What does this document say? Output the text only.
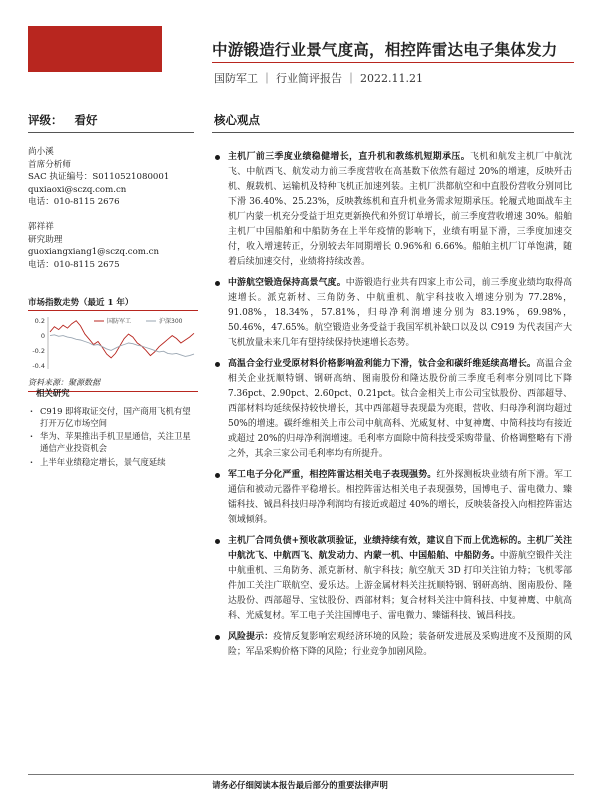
中游锻造行业景气度高，相控阵雷达电子集体发力
国防军工 ｜ 行业简评报告 ｜ 2022.11.21
评级： 看好	核心观点
尚小溪
首席分析师
SAC 执证编号：S0110521080001
quxiaoxi@sczq.com.cn
电话：010-8115 2676
郭祥祥
研究助理
guoxiangxiang1@sczq.com.cn
电话：010-8115 2675
市场指数走势（最近 1 年）
0.2
0
-0.2
-0.4
国防军工	沪深300
资料来源：聚源数据
相关研究
· C919 即将取证交付，国产商用飞机有望打开万亿市场空间
· 华为、苹果推出手机卫星通信，关注卫星通信产业投资机会
· 上半年业绩稳定增长，景气度延续
主机厂前三季度业绩稳健增长，直升机和教练机短期承压。飞机和航发主机厂中航沈飞、中航西飞、航发动力前三季度营收在高基数下依然有超过 20%的增速，反映歼击机、舰载机、运输机及特种飞机正加速列装。主机厂洪都航空和中直股份营收分别同比下滑 36.40%、25.23%，反映教练机和直升机业务需求短期承压。轮履式地面战车主机厂内蒙一机充分受益于坦克更新换代和外贸订单增长，前三季度营收增速 30%。船舶主机厂中国船舶和中船防务在上半年疫情的影响下，业绩有明显下滑，三季度加速交付，收入增速转正，分别较去年同期增长 0.96%和 6.66%。船舶主机厂订单饱满，随着后续加速交付，业绩将持续改善。
中游航空锻造保持高景气度。中游锻造行业共有四家上市公司，前三季度业绩均取得高速增长。派克新材、三角防务、中航重机、航宇科技收入增速分别为 77.28%，91.08%，18.34%，57.81%，归母净利润增速分别为 83.19%，69.98%，50.46%，47.65%。航空锻造业务受益于我国军机补缺口以及以 C919 为代表国产大飞机放量未来几年有望持续保持快速增长态势。
高温合金行业受原材料价格影响盈利能力下滑，钛合金和碳纤维延续高增长。高温合金相关企业抚顺特钢、钢研高纳、图南股份和隆达股份前三季度毛利率分别同比下降 7.36pct、2.90pct、2.60pct、0.21pct。钛合金相关上市公司宝钛股份、西部超导、西部材料均延续保持较快增长，其中西部超导表现最为亮眼，营收、归母净利润均超过 50%的增速。碳纤维相关上市公司中航高科、光威复材、中复神鹰、中简科技均有接近或超过 20%的归母净利润增速。毛利率方面除中简科技受采购带量、价格调整略有下滑之外，其余三家公司毛利率均有所提升。
军工电子分化严重，相控阵雷达相关电子表现强势。红外探测板块业绩有所下滑。军工通信和被动元器件平稳增长。相控阵雷达相关电子表现强势，国博电子、雷电微力、臻镭科技、铖昌科技归母净利润均有接近或超过 40%的增长，反映装备投入向相控阵雷达领域倾斜。
主机厂合同负债+预收款项验证，业绩持续有效，建议自下而上优选标的。主机厂关注中航沈飞、中航西飞、航发动力、内蒙一机、中国船舶、中船防务。中游航空锻件关注中航重机、三角防务、派克新材、航宇科技；航空航天 3D 打印关注铂力特；飞机零部件加工关注广联航空、爱乐达。上游金属材料关注抚顺特钢、钢研高纳、图南股份、隆达股份、西部超导、宝钛股份、西部材料；复合材料关注中简科技、中复神鹰、中航高科、光威复材。军工电子关注国博电子、雷电微力、臻镭科技、铖昌科技。
风险提示：疫情反复影响宏观经济环境的风险；装备研发进展及采购进度不及预期的风险；军品采购价格下降的风险；行业竞争加剧风险。
请务必仔细阅读本报告最后部分的重要法律声明
